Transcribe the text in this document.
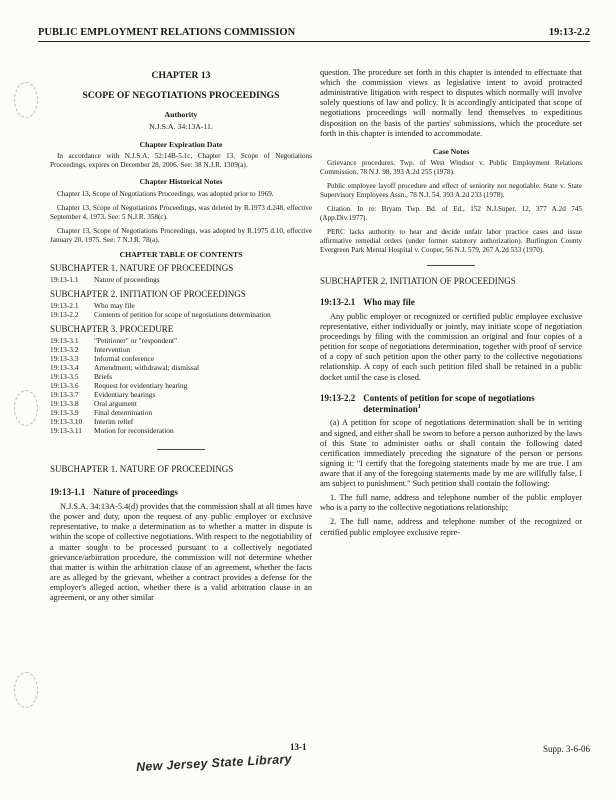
PUBLIC EMPLOYMENT RELATIONS COMMISSION	19:13-2.2
CHAPTER 13
SCOPE OF NEGOTIATIONS PROCEEDINGS
Authority
N.J.S.A. 34:13A-11.
Chapter Expiration Date

In accordance with N.J.S.A. 52:14B-5.1c, Chapter 13, Scope of Negotiations Proceedings, expires on December 28, 2006. See: 38 N.J.R. 1309(a).

Chapter Historical Notes

Chapter 13, Scope of Negotiations Proceedings, was adopted prior to 1969.

Chapter 13, Scope of Negotiations Proceedings, was deleted by R.1973 d.248, effective September 4, 1973. See: 5 N.J.R. 358(c).

Chapter 13, Scope of Negotiations Proceedings, was adopted by R.1975 d.10, effective January 20, 1975. See: 7 N.J.R. 78(a).

CHAPTER TABLE OF CONTENTS
SUBCHAPTER 1. NATURE OF PROCEEDINGS
19:13-1.1	Nature of proceedings
SUBCHAPTER 2. INITIATION OF PROCEEDINGS
19:13-2.1	Who may file
19:13-2.2	Contents of petition for scope of negotiations determination
SUBCHAPTER 3. PROCEDURE
19:13-3.1	"Petitioner" or "respondent"
19:13-3.2	Intervention
19:13-3.3	Informal conference
19:13-3.4	Amendment; withdrawal; dismissal
19:13-3.5	Briefs
19:13-3.6	Request for evidentiary hearing
19:13-3.7	Evidentiary hearings
19:13-3.8	Oral argument
19:13-3.9	Final determination
19:13-3.10	Interim relief
19:13-3.11	Motion for reconsideration
SUBCHAPTER 1. NATURE OF PROCEEDINGS
19:13-1.1 Nature of proceedings

N.J.S.A. 34:13A-5.4(d) provides that the commission shall at all times have the power and duty, upon the request of any public employer or exclusive representative, to make a determination as to whether a matter in dispute is within the scope of collective negotiations. With respect to the negotiability of a matter sought to be processed pursuant to a collectively negotiated grievance/arbitration procedure, the commission will not determine whether that matter is within the arbitration clause of an agreement, whether the facts are as alleged by the grievant, whether a contract provides a defense for the employer's alleged action, whether there is a valid arbitration clause in an agreement, or any other similar

question. The procedure set forth in this chapter is intended to effectuate that which the commission views as legislative intent to avoid protracted administrative litigation with respect to disputes which normally will involve solely questions of law and policy. It is accordingly anticipated that scope of negotiations proceedings will normally lend themselves to expeditious disposition on the basis of the parties' submissions, which the procedure set forth in this chapter is intended to accommodate.

Case Notes

Grievance procedures. Twp. of West Windsor v. Public Employment Relations Commission, 78 N.J. 98, 393 A.2d 255 (1978).

Public employee layoff procedure and effect of seniority not negotiable. State v. State Supervisory Employees Assn., 78 N.J. 54, 393 A.2d 233 (1978).

Citation. In re: Bryam Twp. Bd. of Ed., 152 N.J.Super. 12, 377 A.2d 745 (App.Div.1977).

PERC lacks authority to hear and decide unfair labor practice cases and issue affirmative remedial orders (under former statutory authorization). Burlington County Evergreen Park Mental Hospital v. Cooper, 56 N.J. 579, 267 A.2d 533 (1970).

SUBCHAPTER 2. INITIATION OF PROCEEDINGS
19:13-2.1 Who may file

Any public employer or recognized or certified public employee exclusive representative, either individually or jointly, may initiate scope of negotiation proceedings by filing with the commission an original and four copies of a petition for scope of negotiations determination, together with proof of service of a copy of such petition upon the other party to the collective negotiations relationship. A copy of each such petition filed shall be retained in a public docket until the case is closed.

19:13-2.2 Contents of petition for scope of negotiations determination$^1$

(a) A petition for scope of negotiations determination shall be in writing and signed, and either shall be sworn to before a person authorized by the laws of this State to administer oaths or shall contain the following dated certification immediately preceding the signature of the person or persons signing it: "I certify that the foregoing statements made by me are true. I am aware that if any of the foregoing statements made by me are willfully false, I am subject to punishment." Such petition shall contain the following:

1. The full name, address and telephone number of the public employer who is a party to the collective negotiations relationship;

2. The full name, address and telephone number of the recognized or certified public employee exclusive repre-

13-1	Supp. 3-6-06
New Jersey State Library
